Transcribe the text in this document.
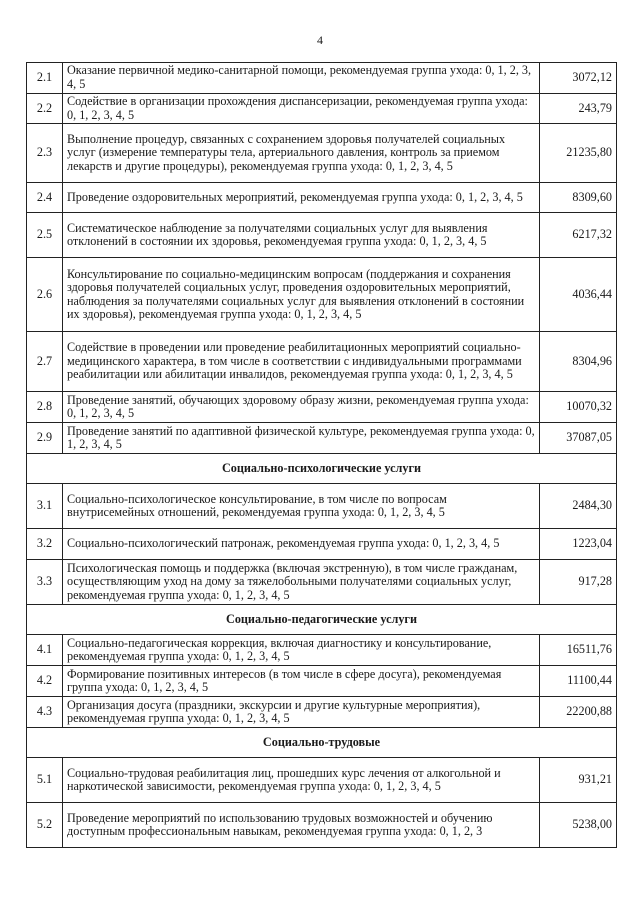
4
2.1	Оказание первичной медико-санитарной помощи, рекомендуемая группа ухода: 0, 1, 2, 3, 4, 5	3072,12
2.2	Содействие в организации прохождения диспансеризации, рекомендуемая группа ухода: 0, 1, 2, 3, 4, 5	243,79
2.3	Выполнение процедур, связанных с сохранением здоровья получателей социальных услуг (измерение температуры тела, артериального давления, контроль за приемом лекарств и другие процедуры), рекомендуемая группа ухода: 0, 1, 2, 3, 4, 5	21235,80
2.4	Проведение оздоровительных мероприятий, рекомендуемая группа ухода: 0, 1, 2, 3, 4, 5	8309,60
2.5	Систематическое наблюдение за получателями социальных услуг для выявления отклонений в состоянии их здоровья, рекомендуемая группа ухода: 0, 1, 2, 3, 4, 5	6217,32
2.6	Консультирование по социально-медицинским вопросам (поддержания и сохранения здоровья получателей социальных услуг, проведения оздоровительных мероприятий, наблюдения за получателями социальных услуг для выявления отклонений в состоянии их здоровья), рекомендуемая группа ухода: 0, 1, 2, 3, 4, 5	4036,44
2.7	Содействие в проведении или проведение реабилитационных мероприятий социально-медицинского характера, в том числе в соответствии с индивидуальными программами реабилитации или абилитации инвалидов, рекомендуемая группа ухода: 0, 1, 2, 3, 4, 5	8304,96
2.8	Проведение занятий, обучающих здоровому образу жизни, рекомендуемая группа ухода: 0, 1, 2, 3, 4, 5	10070,32
2.9	Проведение занятий по адаптивной физической культуре, рекомендуемая группа ухода: 0, 1, 2, 3, 4, 5	37087,05
Социально-психологические услуги		
3.1	Социально-психологическое консультирование, в том числе по вопросам внутрисемейных отношений, рекомендуемая группа ухода: 0, 1, 2, 3, 4, 5	2484,30
3.2	Социально-психологический патронаж, рекомендуемая группа ухода: 0, 1, 2, 3, 4, 5	1223,04
3.3	Психологическая помощь и поддержка (включая экстренную), в том числе гражданам, осуществляющим уход на дому за тяжелобольными получателями социальных услуг, рекомендуемая группа ухода: 0, 1, 2, 3, 4, 5	917,28
Социально-педагогические услуги		
4.1	Социально-педагогическая коррекция, включая диагностику и консультирование, рекомендуемая группа ухода: 0, 1, 2, 3, 4, 5	16511,76
4.2	Формирование позитивных интересов (в том числе в сфере досуга), рекомендуемая группа ухода: 0, 1, 2, 3, 4, 5	11100,44
4.3	Организация досуга (праздники, экскурсии и другие культурные мероприятия), рекомендуемая группа ухода: 0, 1, 2, 3, 4, 5	22200,88
Социально-трудовые		
5.1	Социально-трудовая реабилитация лиц, прошедших курс лечения от алкогольной и наркотической зависимости, рекомендуемая группа ухода: 0, 1, 2, 3, 4, 5	931,21
5.2	Проведение мероприятий по использованию трудовых возможностей и обучению доступным профессиональным навыкам, рекомендуемая группа ухода: 0, 1, 2, 3	5238,00
